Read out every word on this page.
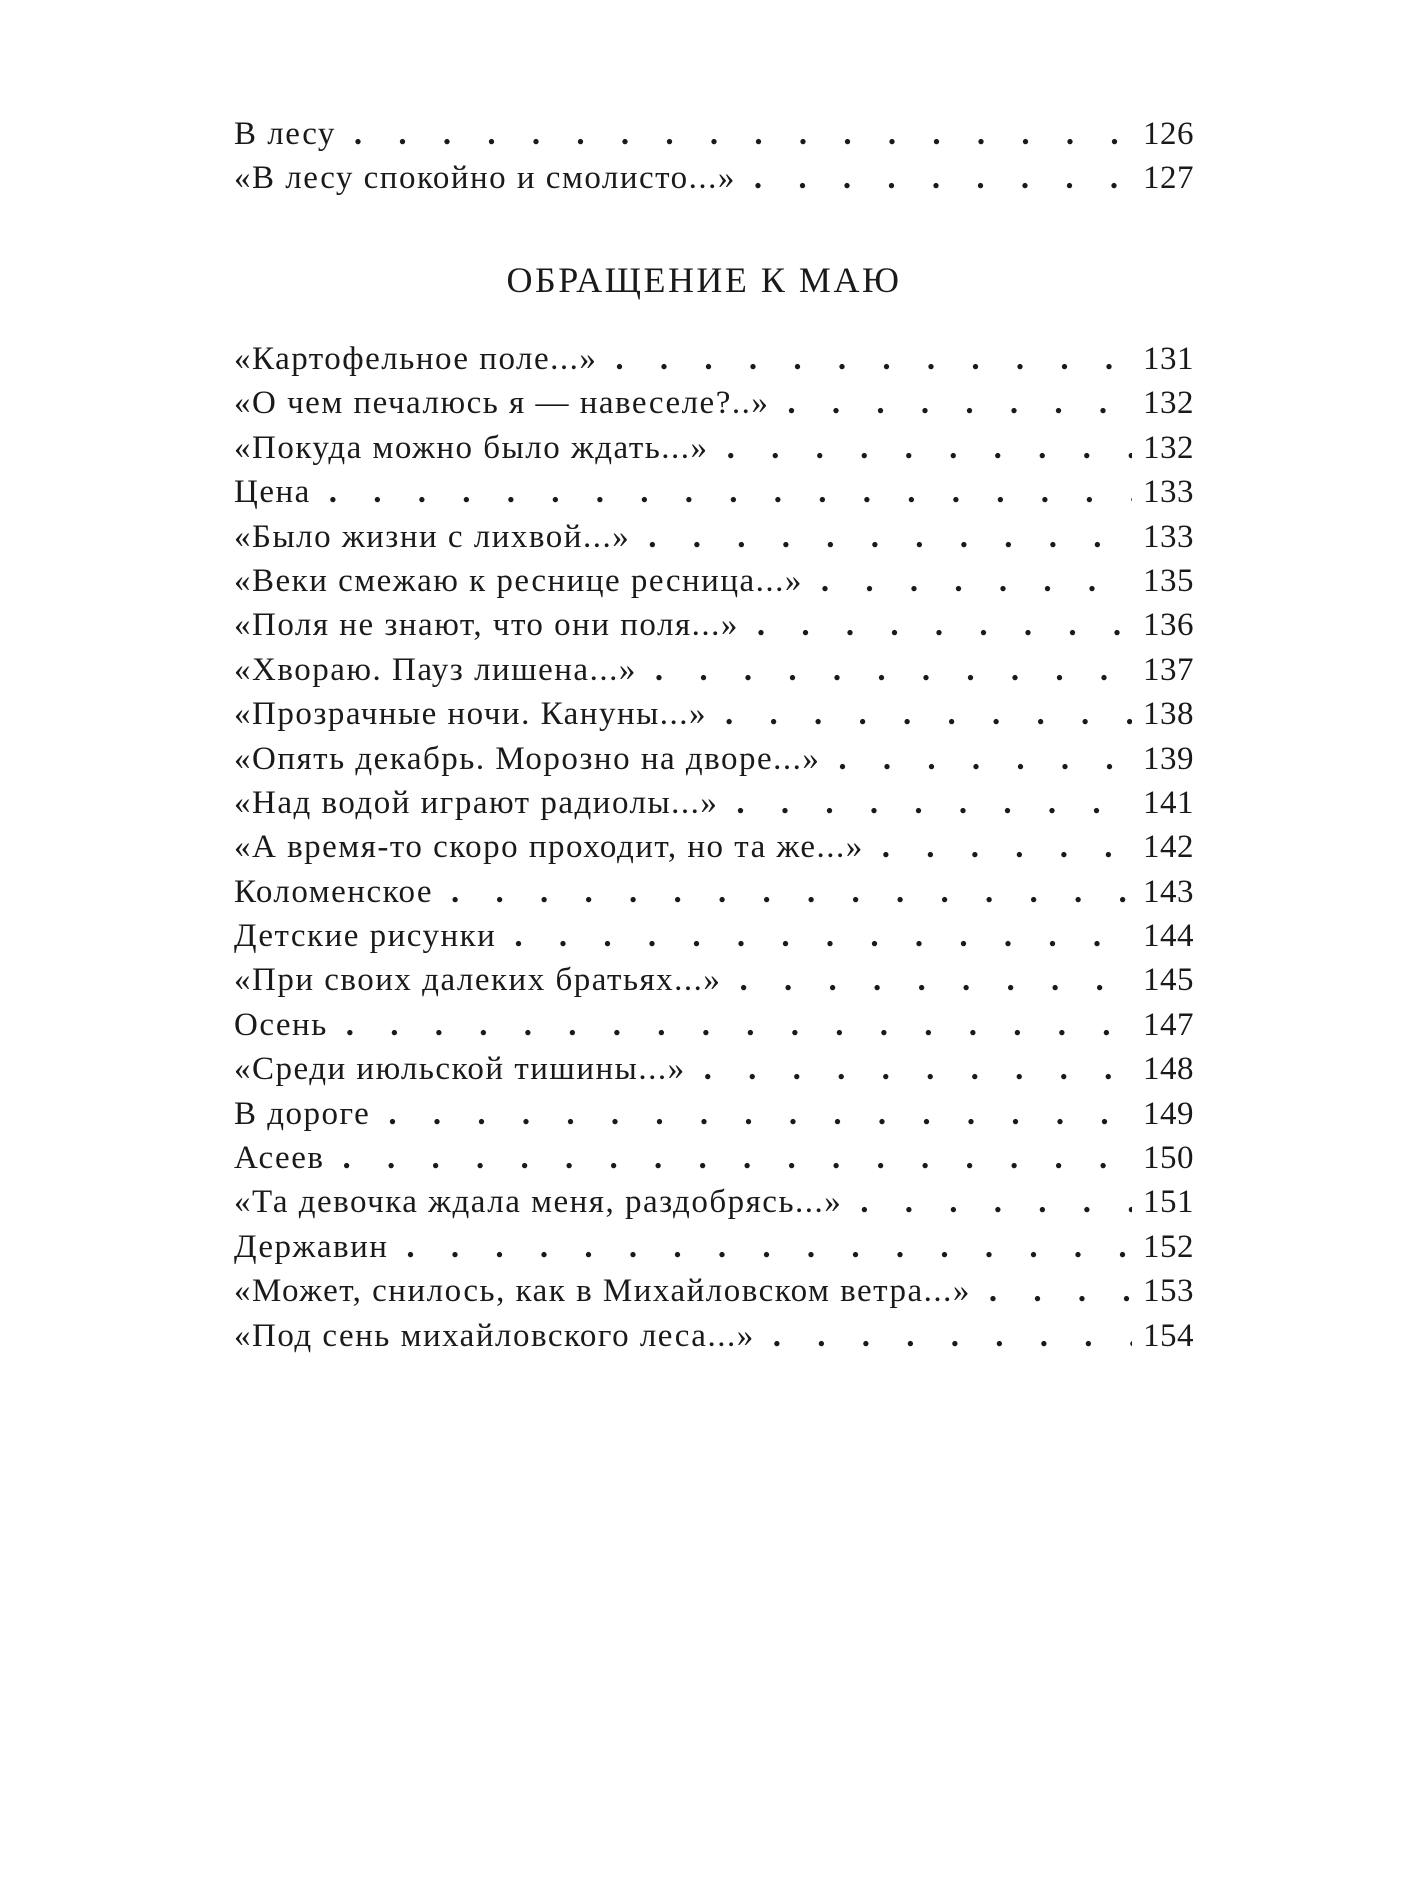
В лесу . . .	126
«В лесу спокойно и смолисто...» . . .	127
ОБРАЩЕНИЕ К МАЮ
«Картофельное поле...» . . .	131
«О чем печалюсь я — навеселе?..» . . .	132
«Покуда можно было ждать...» . . .	132
Цена . . .	133
«Было жизни с лихвой...» . . .	133
«Веки смежаю к реснице ресница...» . . .	135
«Поля не знают, что они поля...» . . .	136
«Хвораю. Пауз лишена...» . . .	137
«Прозрачные ночи. Кануны...» . . .	138
«Опять декабрь. Морозно на дворе...» . . .	139
«Над водой играют радиолы...» . . .	141
«А время-то скоро проходит, но та же...» . . .	142
Коломенское . . .	143
Детские рисунки . . .	144
«При своих далеких братьях...» . . .	145
Осень . . .	147
«Среди июльской тишины...» . . .	148
В дороге . . .	149
Асеев . . .	150
«Та девочка ждала меня, раздобрясь...» . . .	151
Державин . . .	152
«Может, снилось, как в Михайловском ветра...» . . .	153
«Под сень михайловского леса...» . . .	154
